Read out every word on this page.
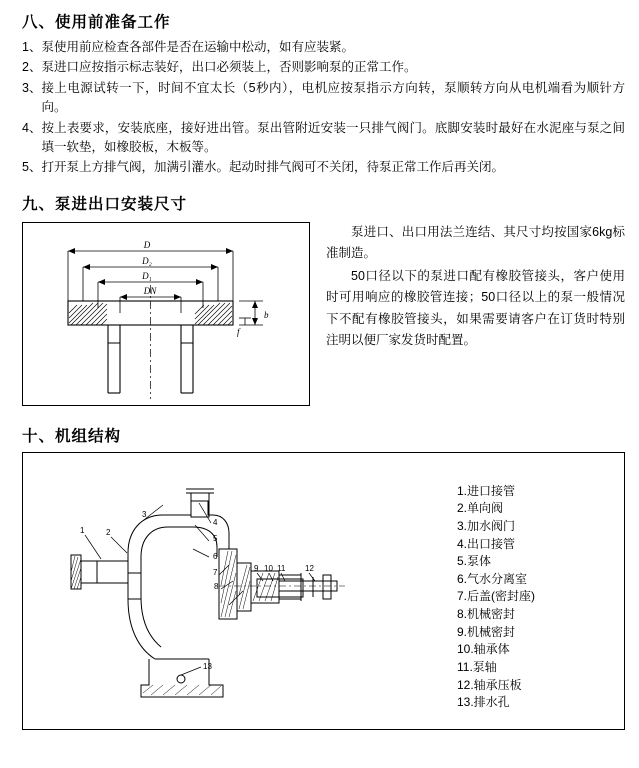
八、使用前准备工作
1、 泵使用前应检查各部件是否在运输中松动，如有应装紧。
2、 泵进口应按指示标志装好，出口必须装上，否则影响泵的正常工作。
3、 接上电源试转一下，时间不宜太长（5秒内），电机应按泵指示方向转，泵顺转方向从电机端看为顺针方向。
4、 按上表要求，安装底座，接好进出管。泵出管附近安装一只排气阀门。底脚安装时最好在水泥座与泵之间填一软垫，如橡胶板，木板等。
5、 打开泵上方排气阀，加满引灌水。起动时排气阀可不关闭，待泵正常工作后再关闭。
九、泵进出口安装尺寸
D
D₂
D₁
DN
b
f

泵进口、出口用法兰连结、其尺寸均按国家6kg标准制造。

50口径以下的泵进口配有橡胶管接头，客户使用时可用响应的橡胶管连接；50口径以上的泵一般情况下不配有橡胶管接头，如果需要请客户在订货时特别注明以便厂家发货时配置。

十、机组结构
1	2
3
4
5
6
7
8
9 10 11 12
13
1.进口接管
2.单向阀
3.加水阀门
4.出口接管
5.泵体
6.气水分离室
7.后盖(密封座)
8.机械密封
9.机械密封
10.轴承体
11.泵轴
12.轴承压板
13.排水孔
